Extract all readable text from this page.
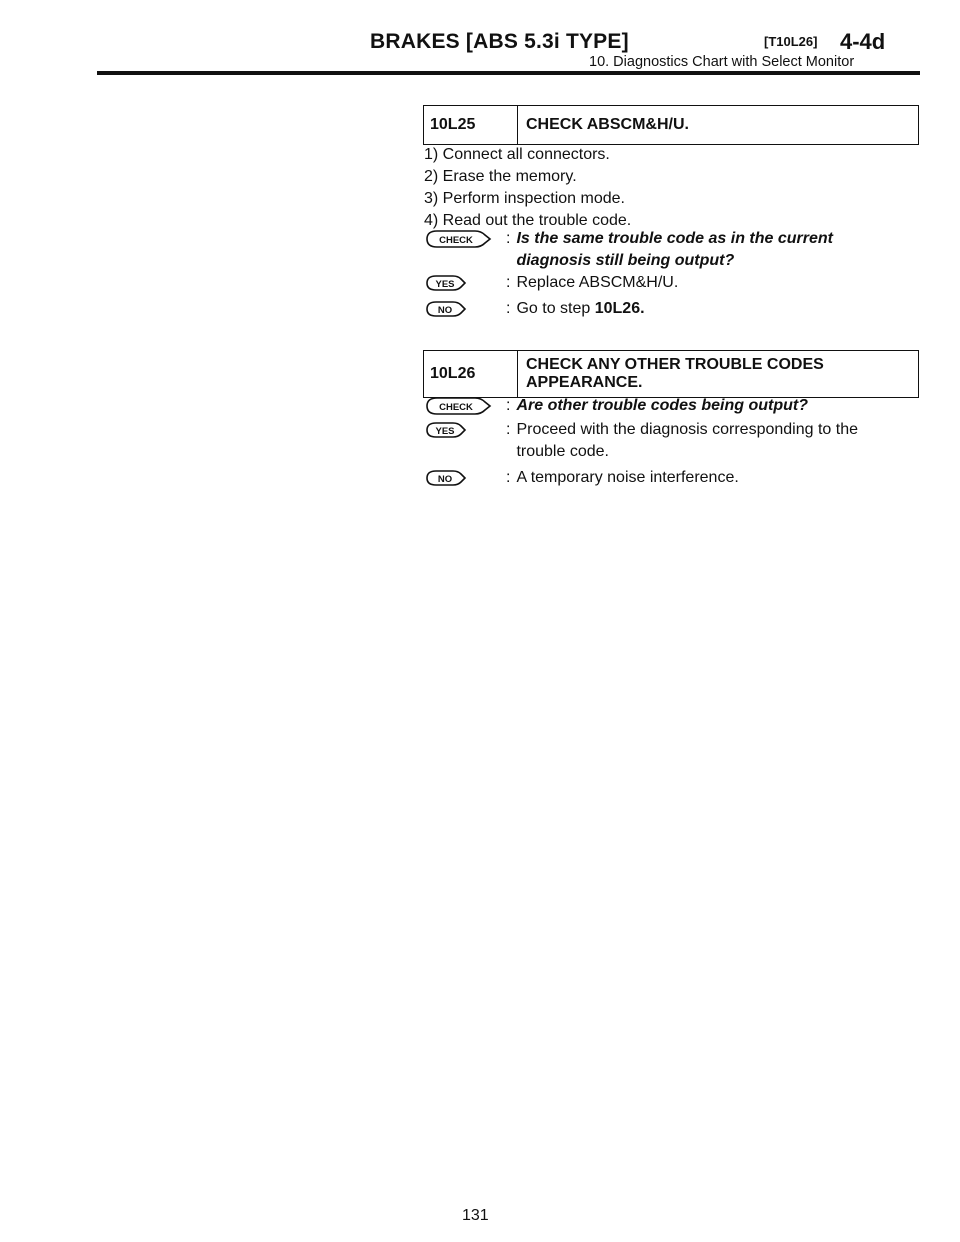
BRAKES [ABS 5.3i TYPE]	[T10L26] 4-4d
10. Diagnostics Chart with Select Monitor
10L25	CHECK ABSCM&H/U.
1) Connect all connectors.
2) Erase the memory.
3) Perform inspection mode.
4) Read out the trouble code.
CHECK : Is the same trouble code as in the current
diagnosis still being output?
YES	: Replace ABSCM&H/U.
NO	: Go to step 10L26.
10L26
CHECK ANY OTHER TROUBLE CODES
APPEARANCE.
CHECK : Are other trouble codes being output?
YES	: Proceed with the diagnosis corresponding to the
trouble code.
NO	: A temporary noise interference.
131
